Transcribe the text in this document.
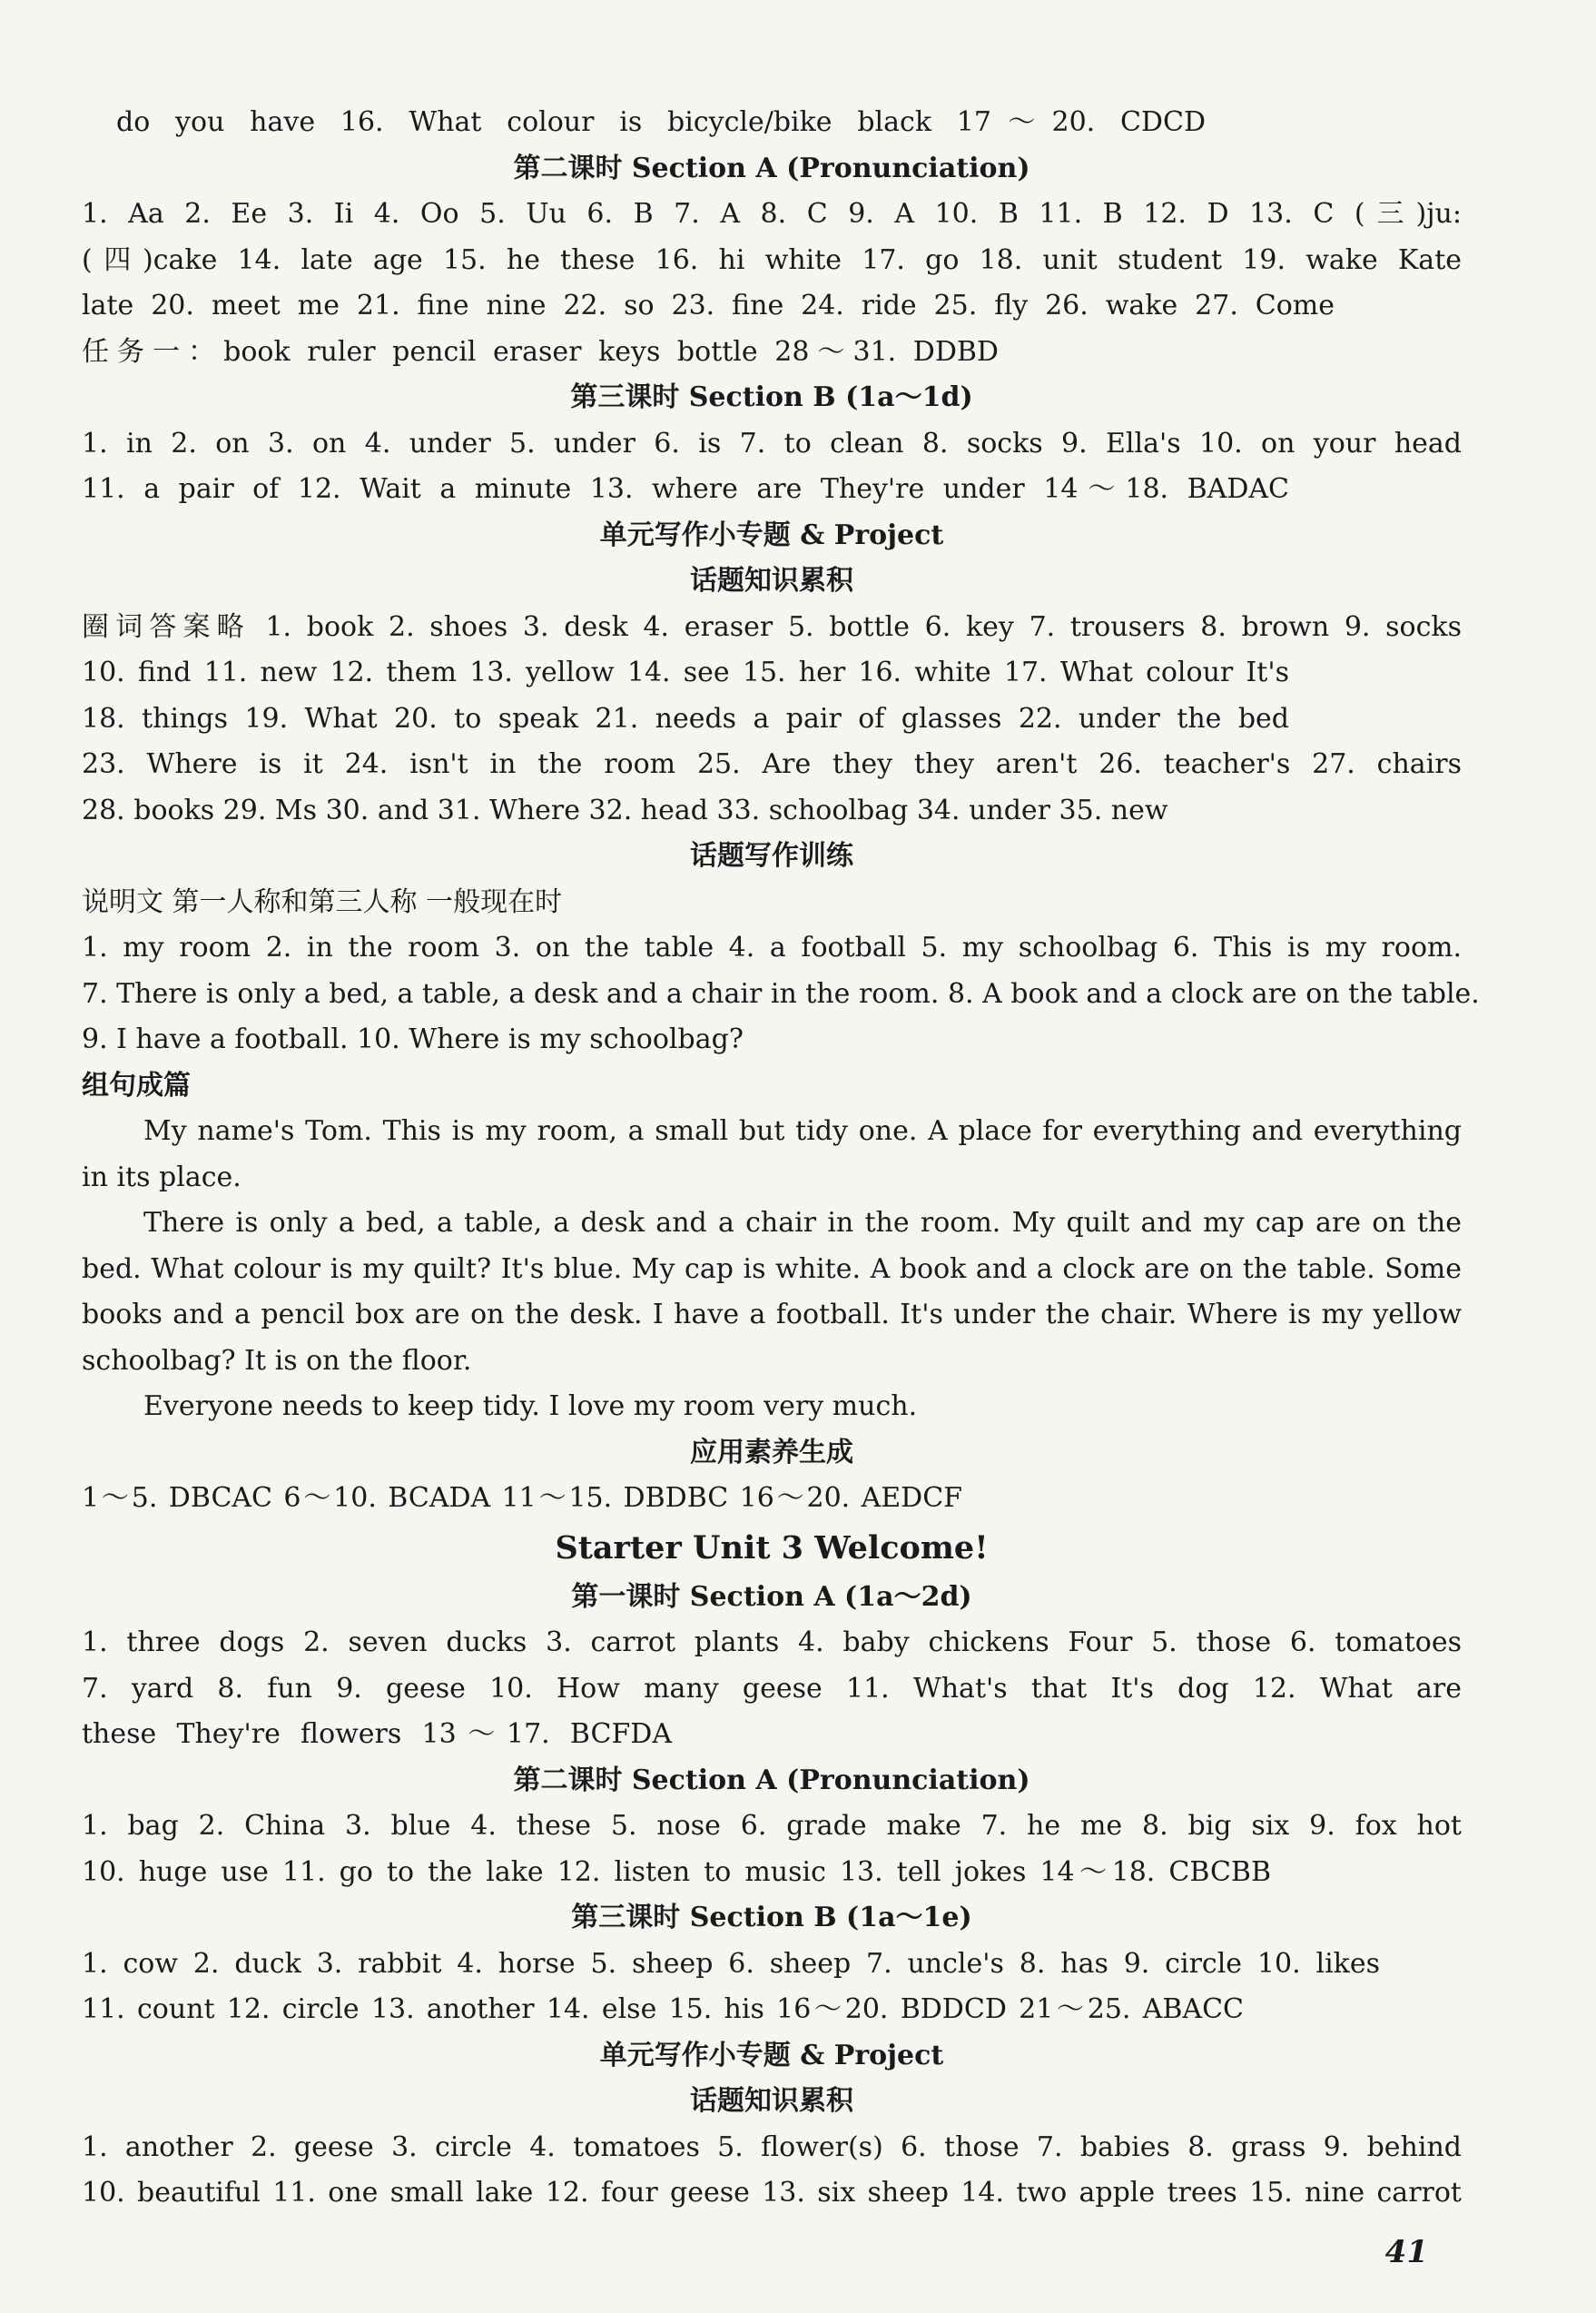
do you have 16. What colour is bicycle/bike black 17～20. CDCD
第二课时 Section A (Pronunciation)
1. Aa 2. Ee 3. Ii 4. Oo 5. Uu 6. B 7. A 8. C 9. A 10. B 11. B 12. D 13. C (三)ju:
(四)cake 14. late age 15. he these 16. hi white 17. go 18. unit student 19. wake Kate
late 20. meet me 21. fine nine 22. so 23. fine 24. ride 25. fly 26. wake 27. Come
任务一：book ruler pencil eraser keys bottle 28～31. DDBD
第三课时 Section B (1a～1d)
1. in 2. on 3. on 4. under 5. under 6. is 7. to clean 8. socks 9. Ella's 10. on your head
11. a pair of 12. Wait a minute 13. where are They're under 14～18. BADAC
单元写作小专题 & Project
话题知识累积
圈词答案略 1. book 2. shoes 3. desk 4. eraser 5. bottle 6. key 7. trousers 8. brown 9. socks
10. find 11. new 12. them 13. yellow 14. see 15. her 16. white 17. What colour It's
18. things 19. What 20. to speak 21. needs a pair of glasses 22. under the bed
23. Where is it 24. isn't in the room 25. Are they they aren't 26. teacher's 27. chairs
28. books 29. Ms 30. and 31. Where 32. head 33. schoolbag 34. under 35. new
话题写作训练
说明文 第一人称和第三人称 一般现在时
1. my room 2. in the room 3. on the table 4. a football 5. my schoolbag 6. This is my room.
7. There is only a bed, a table, a desk and a chair in the room. 8. A book and a clock are on the table.
9. I have a football. 10. Where is my schoolbag?
组句成篇
My name's Tom. This is my room, a small but tidy one. A place for everything and everything in its place.
There is only a bed, a table, a desk and a chair in the room. My quilt and my cap are on the bed. What colour is my quilt? It's blue. My cap is white. A book and a clock are on the table. Some books and a pencil box are on the desk. I have a football. It's under the chair. Where is my yellow schoolbag? It is on the floor.
Everyone needs to keep tidy. I love my room very much.
应用素养生成
1～5. DBCAC 6～10. BCADA 11～15. DBDBC 16～20. AEDCF
Starter Unit 3 Welcome!
第一课时 Section A (1a～2d)
1. three dogs 2. seven ducks 3. carrot plants 4. baby chickens Four 5. those 6. tomatoes
7. yard 8. fun 9. geese 10. How many geese 11. What's that It's dog 12. What are
these They're flowers 13～17. BCFDA
第二课时 Section A (Pronunciation)
1. bag 2. China 3. blue 4. these 5. nose 6. grade make 7. he me 8. big six 9. fox hot
10. huge use 11. go to the lake 12. listen to music 13. tell jokes 14～18. CBCBB
第三课时 Section B (1a～1e)
1. cow 2. duck 3. rabbit 4. horse 5. sheep 6. sheep 7. uncle's 8. has 9. circle 10. likes
11. count 12. circle 13. another 14. else 15. his 16～20. BDDCD 21～25. ABACC
单元写作小专题 & Project
话题知识累积
1. another 2. geese 3. circle 4. tomatoes 5. flower(s) 6. those 7. babies 8. grass 9. behind
10. beautiful 11. one small lake 12. four geese 13. six sheep 14. two apple trees 15. nine carrot
41
